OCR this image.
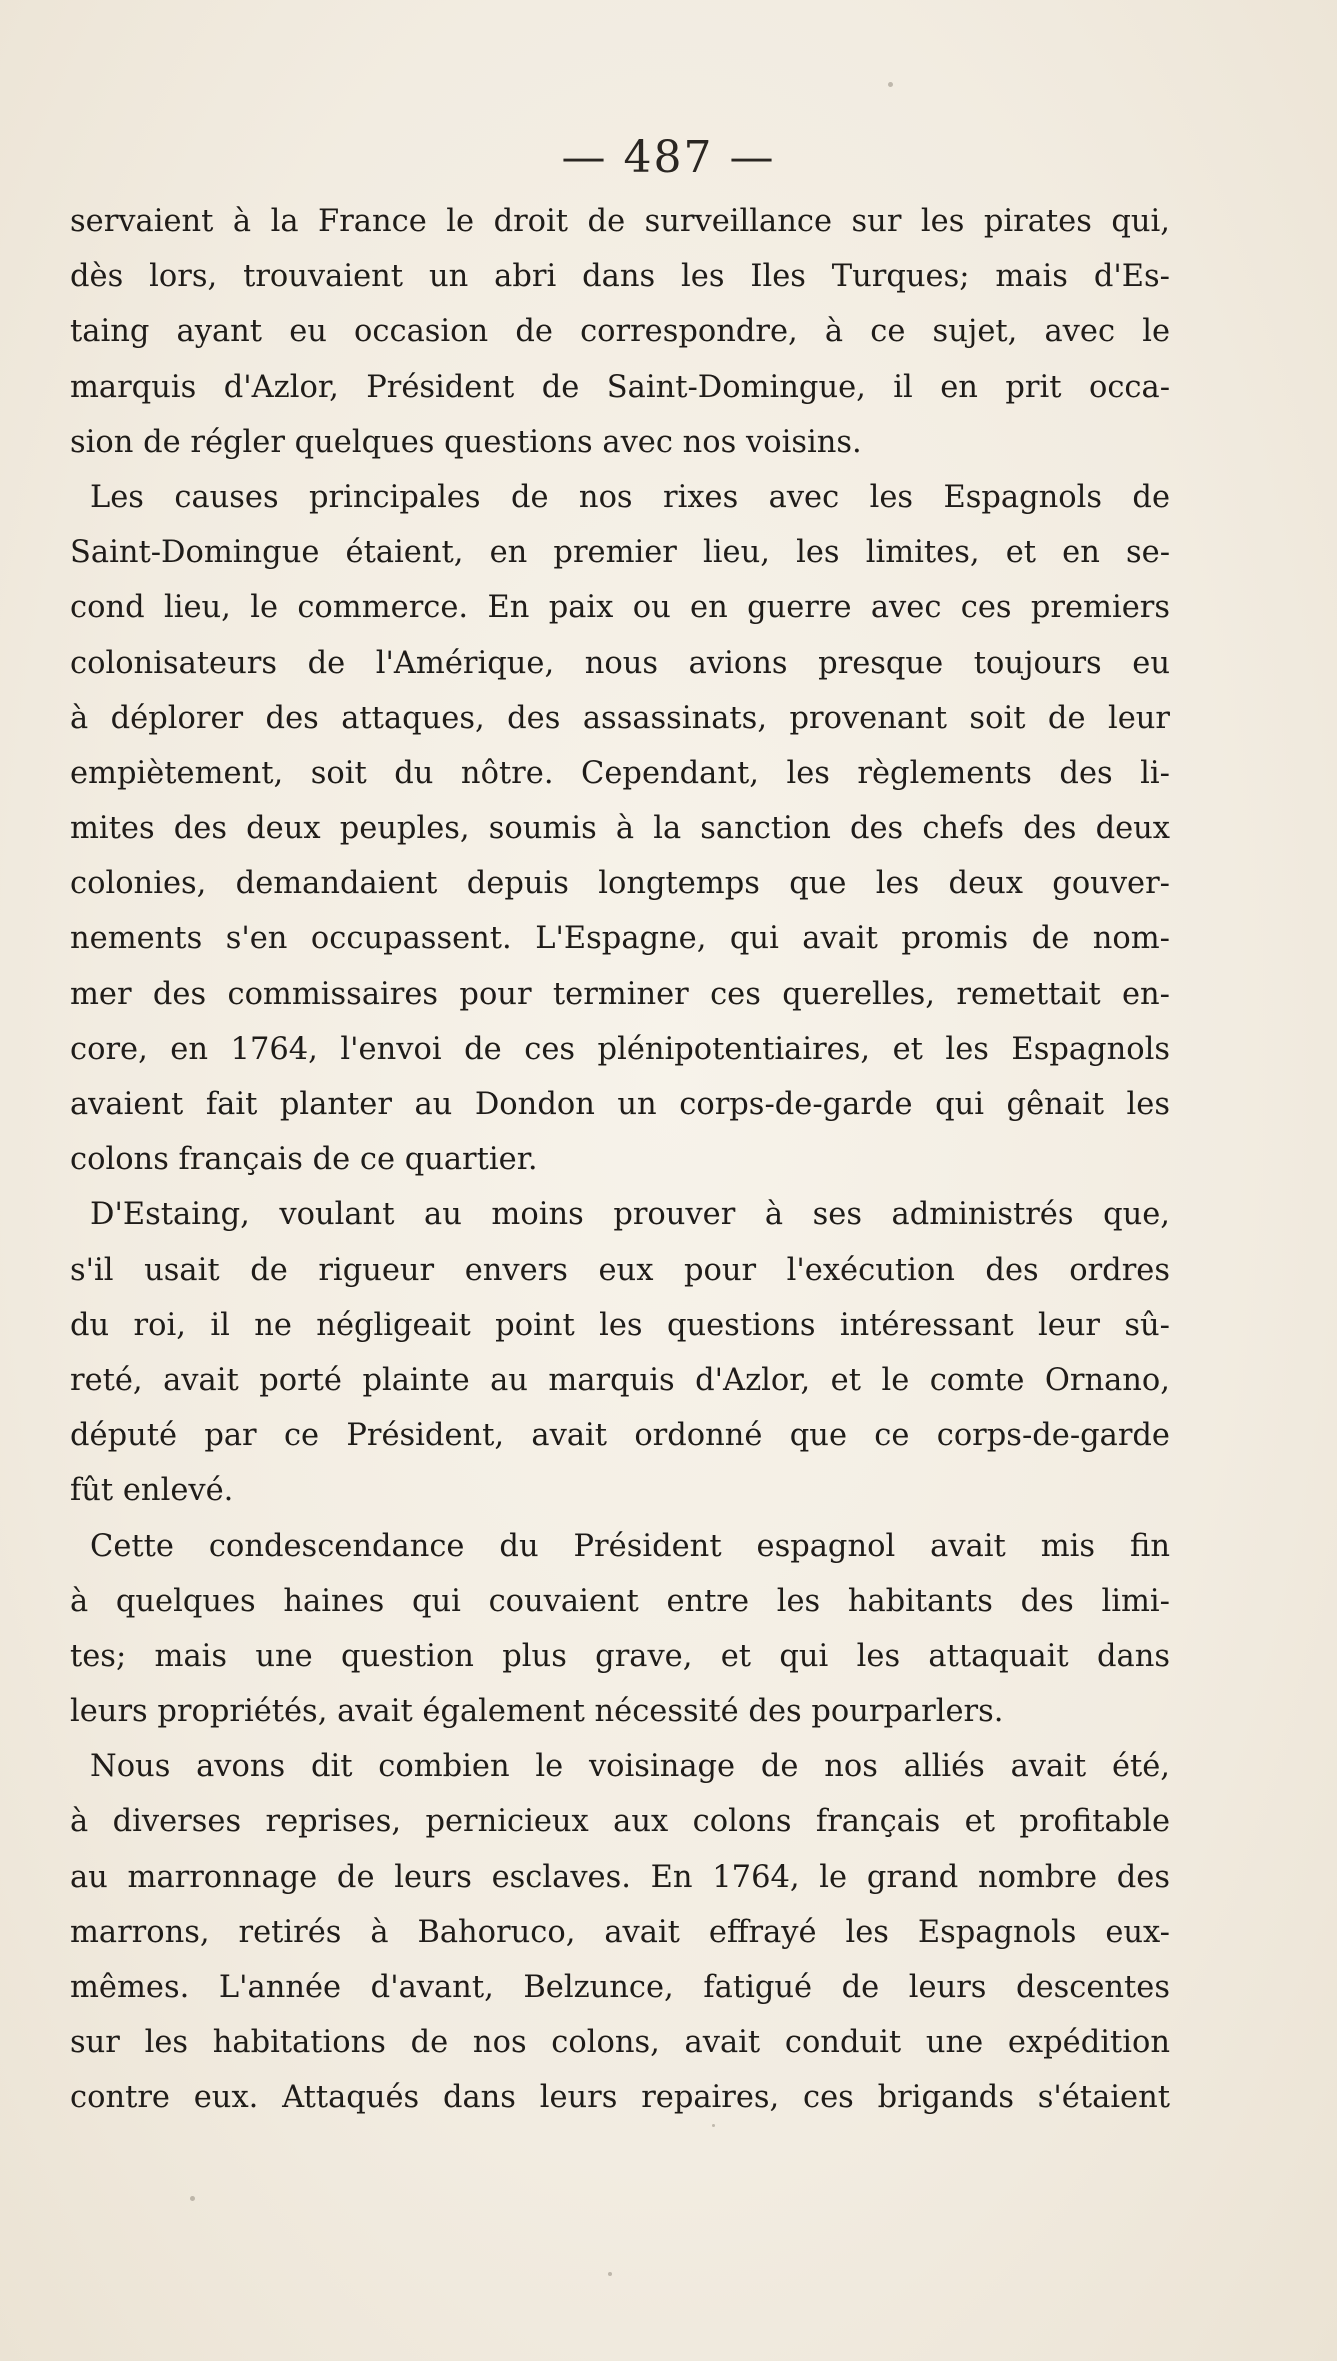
— 487 —
servaient à la France le droit de surveillance sur les pirates qui,
dès lors, trouvaient un abri dans les Iles Turques; mais d'Es-
taing ayant eu occasion de correspondre, à ce sujet, avec le
marquis d'Azlor, Président de Saint-Domingue, il en prit occa-
sion de régler quelques questions avec nos voisins.
Les causes principales de nos rixes avec les Espagnols de
Saint-Domingue étaient, en premier lieu, les limites, et en se-
cond lieu, le commerce. En paix ou en guerre avec ces premiers
colonisateurs de l'Amérique, nous avions presque toujours eu
à déplorer des attaques, des assassinats, provenant soit de leur
empiètement, soit du nôtre. Cependant, les règlements des li-
mites des deux peuples, soumis à la sanction des chefs des deux
colonies, demandaient depuis longtemps que les deux gouver-
nements s'en occupassent. L'Espagne, qui avait promis de nom-
mer des commissaires pour terminer ces querelles, remettait en-
core, en 1764, l'envoi de ces plénipotentiaires, et les Espagnols
avaient fait planter au Dondon un corps-de-garde qui gênait les
colons français de ce quartier.
D'Estaing, voulant au moins prouver à ses administrés que,
s'il usait de rigueur envers eux pour l'exécution des ordres
du roi, il ne négligeait point les questions intéressant leur sû-
reté, avait porté plainte au marquis d'Azlor, et le comte Ornano,
député par ce Président, avait ordonné que ce corps-de-garde
fût enlevé.
Cette condescendance du Président espagnol avait mis fin
à quelques haines qui couvaient entre les habitants des limi-
tes; mais une question plus grave, et qui les attaquait dans
leurs propriétés, avait également nécessité des pourparlers.
Nous avons dit combien le voisinage de nos alliés avait été,
à diverses reprises, pernicieux aux colons français et profitable
au marronnage de leurs esclaves. En 1764, le grand nombre des
marrons, retirés à Bahoruco, avait effrayé les Espagnols eux-
mêmes. L'année d'avant, Belzunce, fatigué de leurs descentes
sur les habitations de nos colons, avait conduit une expédition
contre eux. Attaqués dans leurs repaires, ces brigands s'étaient
